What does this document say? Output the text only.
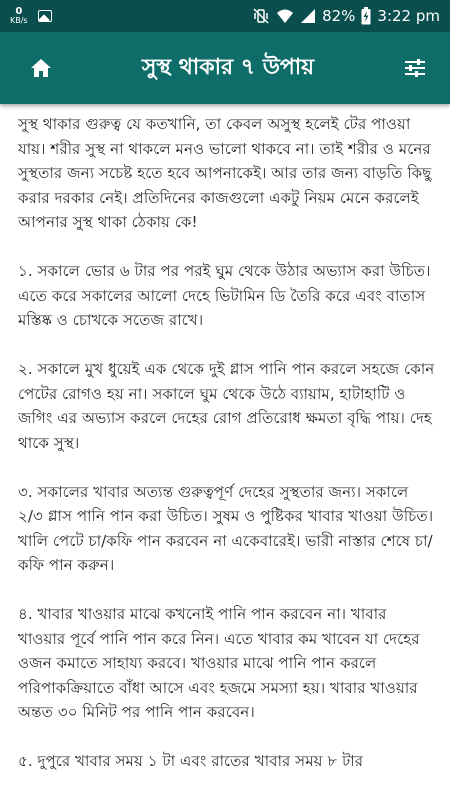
0
KB/s	82% 3:22 pm
সুস্থ থাকার ৭ উপায়

সুস্থ থাকার গুরুত্ব যে কতখানি, তা কেবল অসুস্থ হলেই টের পাওয়া যায়। শরীর সুস্থ না থাকলে মনও ভালো থাকবে না। তাই শরীর ও মনের সুস্থতার জন্য সচেষ্ট হতে হবে আপনাকেই। আর তার জন্য বাড়তি কিছু করার দরকার নেই। প্রতিদিনের কাজগুলো একটু নিয়ম মেনে করলেই আপনার সুস্থ থাকা ঠেকায় কে!

১. সকালে ভোর ৬ টার পর পরই ঘুম থেকে উঠার অভ্যাস করা উচিত। এতে করে সকালের আলো দেহে ভিটামিন ডি তৈরি করে এবং বাতাস মস্তিষ্ক ও চোখকে সতেজ রাখে।

২. সকালে মুখ ধুয়েই এক থেকে দুই গ্লাস পানি পান করলে সহজে কোন পেটের রোগও হয় না। সকালে ঘুম থেকে উঠে ব্যায়াম, হাটাহাটি ও জগিং এর অভ্যাস করলে দেহের রোগ প্রতিরোধ ক্ষমতা বৃদ্ধি পায়। দেহ থাকে সুস্থ।

৩. সকালের খাবার অত্যন্ত গুরুত্বপূর্ণ দেহের সুস্থতার জন্য। সকালে ২/৩ গ্লাস পানি পান করা উচিত। সুষম ও পুষ্টিকর খাবার খাওয়া উচিত। খালি পেটে চা/কফি পান করবেন না একেবারেই। ভারী নাস্তার শেষে চা/কফি পান করুন।

৪. খাবার খাওয়ার মাঝে কখনোই পানি পান করবেন না। খাবার খাওয়ার পূর্বে পানি পান করে নিন। এতে খাবার কম খাবেন যা দেহের ওজন কমাতে সাহায্য করবে। খাওয়ার মাঝে পানি পান করলে পরিপাকক্রিয়াতে বাঁধা আসে এবং হজমে সমস্যা হয়। খাবার খাওয়ার অন্তত ৩০ মিনিট পর পানি পান করবেন।

৫. দুপুরে খাবার সময় ১ টা এবং রাতের খাবার সময় ৮ টার
